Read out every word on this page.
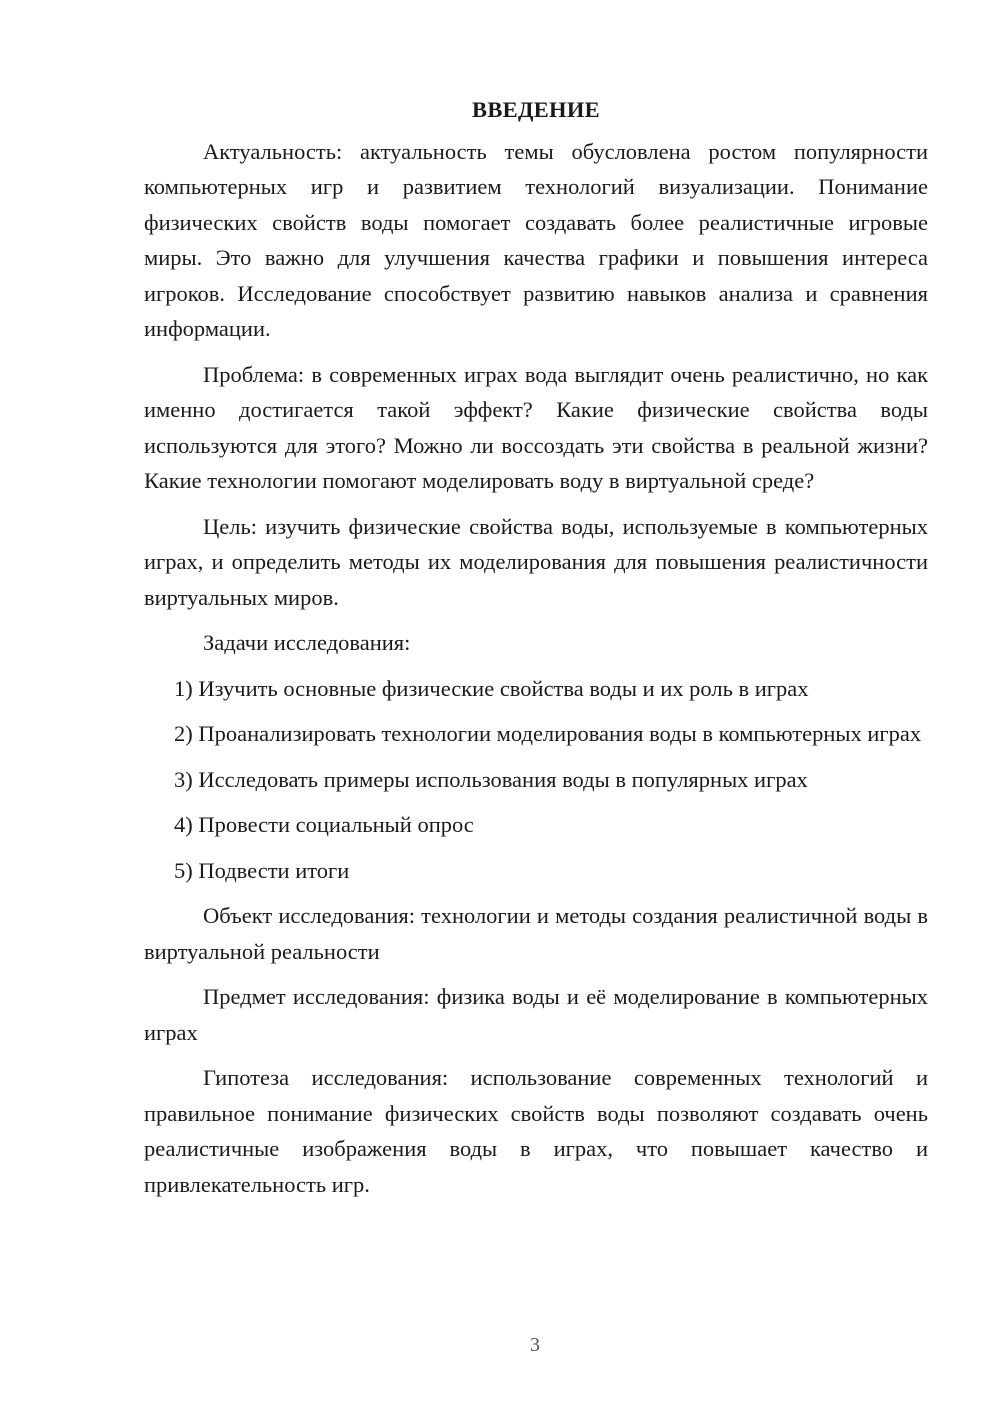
ВВЕДЕНИЕ

Актуальность: актуальность темы обусловлена ростом популярности компьютерных игр и развитием технологий визуализации. Понимание физических свойств воды помогает создавать более реалистичные игровые миры. Это важно для улучшения качества графики и повышения интереса игроков. Исследование способствует развитию навыков анализа и сравнения информации.

Проблема: в современных играх вода выглядит очень реалистично, но как именно достигается такой эффект? Какие физические свойства воды используются для этого? Можно ли воссоздать эти свойства в реальной жизни? Какие технологии помогают моделировать воду в виртуальной среде?

Цель: изучить физические свойства воды, используемые в компьютерных играх, и определить методы их моделирования для повышения реалистичности виртуальных миров.

Задачи исследования:

1) Изучить основные физические свойства воды и их роль в играх

2) Проанализировать технологии моделирования воды в компьютерных играх

3) Исследовать примеры использования воды в популярных играх

4) Провести социальный опрос

5) Подвести итоги

Объект исследования: технологии и методы создания реалистичной воды в виртуальной реальности

Предмет исследования: физика воды и её моделирование в компьютерных играх

Гипотеза исследования: использование современных технологий и правильное понимание физических свойств воды позволяют создавать очень реалистичные изображения воды в играх, что повышает качество и привлекательность игр.

3
